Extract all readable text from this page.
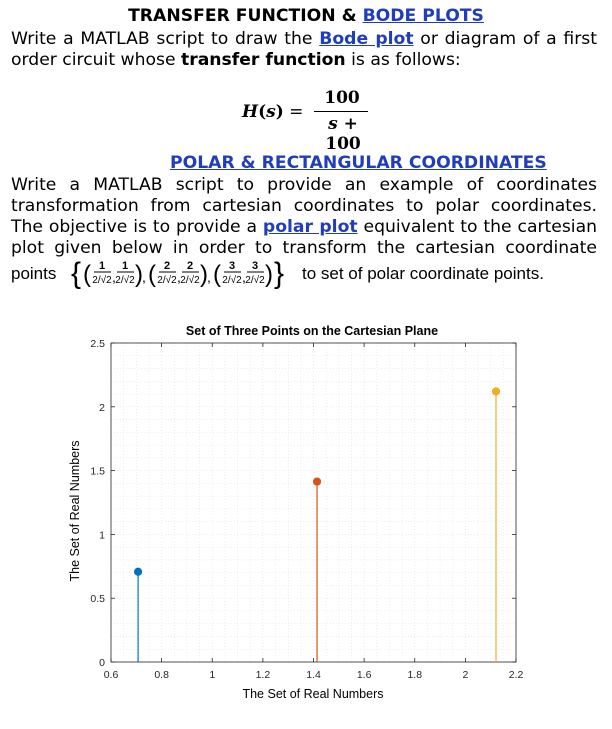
TRANSFER FUNCTION & BODE PLOTS
Write a MATLAB script to draw the Bode plot or diagram of a first
order circuit whose transfer function is as follows:
H(s) =
100
s + 100
POLAR & RECTANGULAR COORDINATES
Write a MATLAB script to provide an example of coordinates
transformation from cartesian coordinates to polar coordinates.
The objective is to provide a polar plot equivalent to the cartesian
plot given below in order to transform the cartesian coordinate
points { ( 1
2/√2 ,
1
2/√2 ) , ( 2
2/√2 ,
2
2/√2 ) , ( 3
2/√2 ,
3
2/√2 ) } to set of polar coordinate points.
Set of Three Points on the Cartesian Plane
0.6	0.8	1	1.2	1.4	1.6	1.8	2	2.2
0
0.5
1
1.5
2
2.5
The Set of Real Numbers
The Set of Real Numbers
